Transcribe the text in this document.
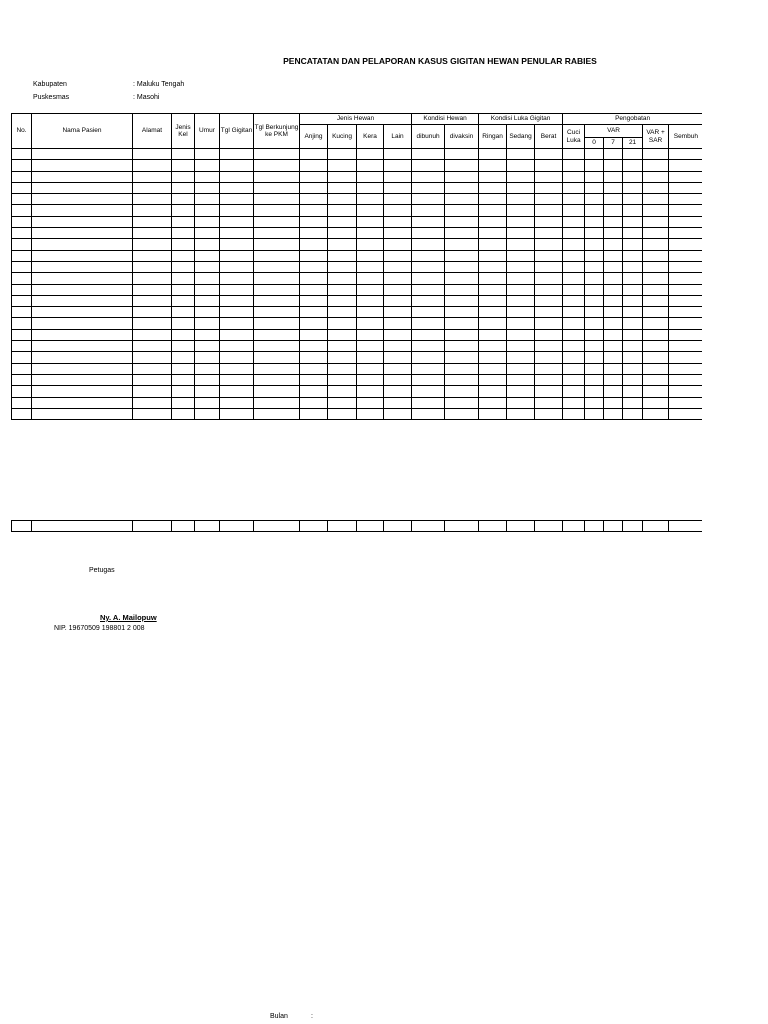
PENCATATAN DAN PELAPORAN KASUS GIGITAN HEWAN PENULAR RABIES
Kabupaten	: Maluku Tengah
Puskesmas	: Masohi
No.	Nama Pasien	Alamat	Jenis Kel	Umur	Tgl Gigitan	Tgl Berkunjung ke PKM	Jenis Hewan				Kondisi Hewan		Kondisi Luka Gigitan			Pengobatan	
							Anjing	Kucing	Kera	Lain	dibunuh	divaksin	Ringan	Sedang	Berat	Cuci Luka	VAR			VAR + SAR	Sembuh	
																	0	7	21			

Petugas
Ny. A. Mailopuw
NIP. 19670509 198801 2 008
Bulan	:
